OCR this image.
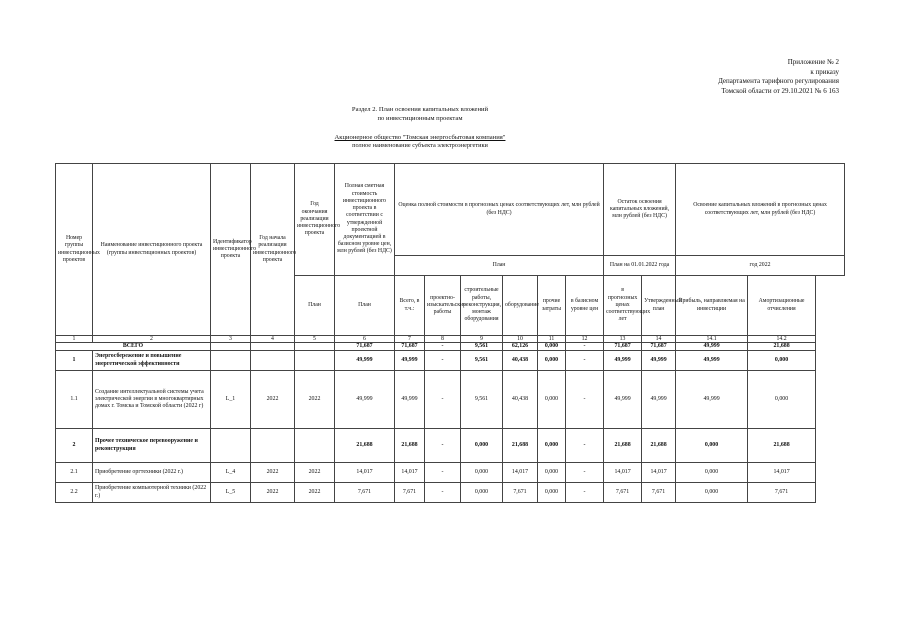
Приложение № 2
к приказу
Департамента тарифного регулирования
Томской области от 29.10.2021 № 6 163
Раздел 2. План освоения капитальных вложений
по инвестиционным проектам
Акционерное общество "Томская энергосбытовая компания"
полное наименование субъекта электроэнергетики
Номер группы инвестиционных проектов	Наименование инвестиционного проекта (группы инвестиционных проектов)	Идентификатор инвестиционного проекта	Год начала реализации инвестиционного проекта	Год окончания реализации инвестиционного проекта	Полная сметная стоимость инвестиционного проекта в соответствии с утвержденной проектной документацией в базисном уровне цен, млн рублей (без НДС)	Оценка полной стоимости в прогнозных ценах соответствующих лет, млн рублей (без НДС)						Остаток освоения капитальных вложений, млн рублей (без НДС)		Освоение капитальных вложений в прогнозных ценах соответствующих лет, млн рублей (без НДС)	
						План						План на 01.01.2022 года		год 2022	
				План	План	Всего, в т.ч.:	проектно-изыскательские работы	строительные работы, реконструкция, монтаж оборудования	оборудование	прочие затраты	в базисном уровне цен	в прогнозных ценах соответствующих лет	Утвержденный план	Прибыль, направляемая на инвестиции	Амортизационные отчисления
1	2	3	4	5	6	7	8	9	10	11	12	13	14	14.1	14.2
ВСЕГО					71,687	71,687	-	9,561	62,126	0,000	-	71,687	71,687	49,999	21,688
1	Энергосбережение и повышение энергетической эффективности				49,999	49,999	-	9,561	40,438	0,000	-	49,999	49,999	49,999	0,000
1.1	Создание интеллектуальной системы учета электрической энергии в многоквартирных домах г. Томска и Томской области (2022 г)	L_1	2022	2022	49,999	49,999	-	9,561	40,438	0,000	-	49,999	49,999	49,999	0,000
2	Прочее техническое перевооружение и реконструкция				21,688	21,688	-	0,000	21,688	0,000	-	21,688	21,688	0,000	21,688
2.1	Приобретение оргтехники (2022 г.)	L_4	2022	2022	14,017	14,017	-	0,000	14,017	0,000	-	14,017	14,017	0,000	14,017
2.2	Приобретение компьютерной техники (2022 г.)	L_5	2022	2022	7,671	7,671	-	0,000	7,671	0,000	-	7,671	7,671	0,000	7,671
